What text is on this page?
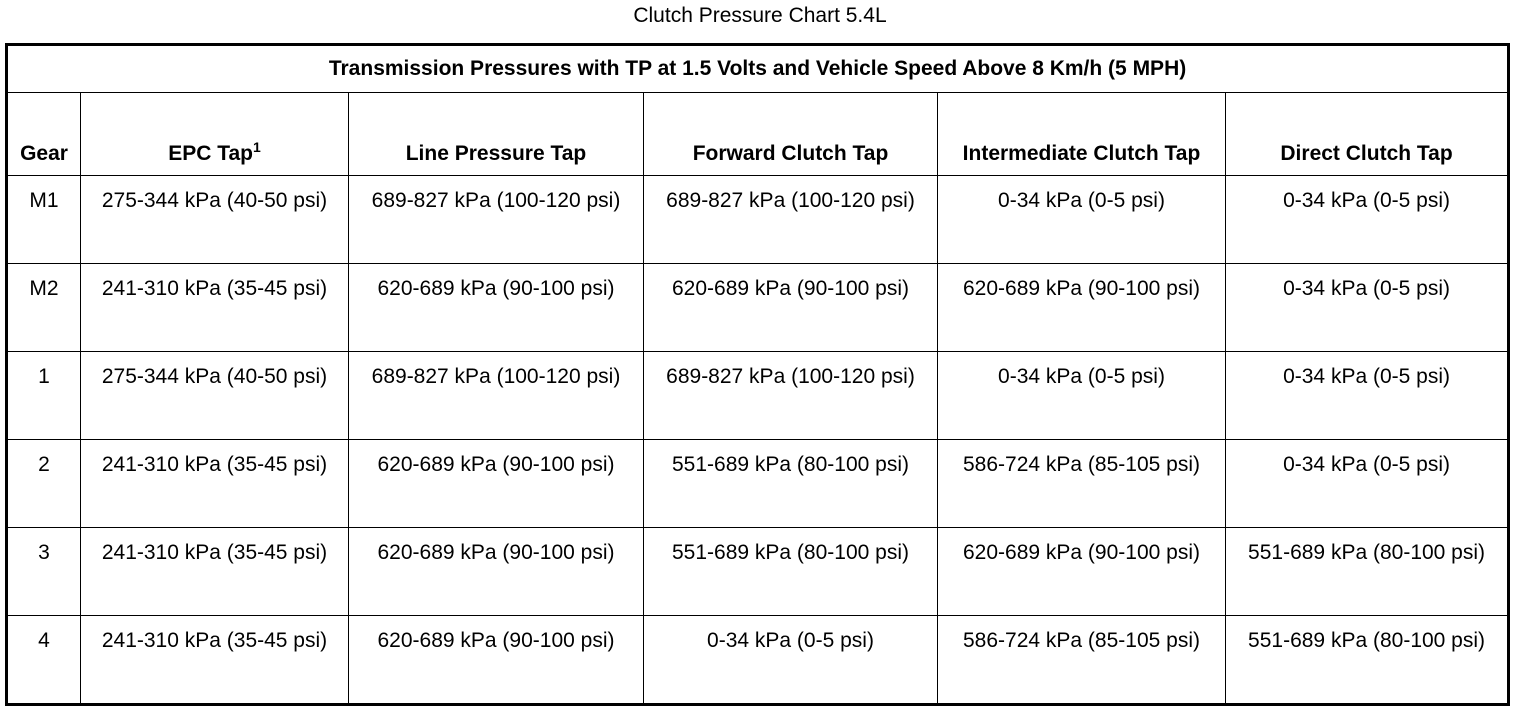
Clutch Pressure Chart 5.4L
Transmission Pressures with TP at 1.5 Volts and Vehicle Speed Above 8 Km/h (5 MPH)					
Gear	EPC Tap$^1$	Line Pressure Tap	Forward Clutch Tap	Intermediate Clutch Tap	Direct Clutch Tap
M1	275-344 kPa (40-50 psi)	689-827 kPa (100-120 psi)	689-827 kPa (100-120 psi)	0-34 kPa (0-5 psi)	0-34 kPa (0-5 psi)
M2	241-310 kPa (35-45 psi)	620-689 kPa (90-100 psi)	620-689 kPa (90-100 psi)	620-689 kPa (90-100 psi)	0-34 kPa (0-5 psi)
1	275-344 kPa (40-50 psi)	689-827 kPa (100-120 psi)	689-827 kPa (100-120 psi)	0-34 kPa (0-5 psi)	0-34 kPa (0-5 psi)
2	241-310 kPa (35-45 psi)	620-689 kPa (90-100 psi)	551-689 kPa (80-100 psi)	586-724 kPa (85-105 psi)	0-34 kPa (0-5 psi)
3	241-310 kPa (35-45 psi)	620-689 kPa (90-100 psi)	551-689 kPa (80-100 psi)	620-689 kPa (90-100 psi)	551-689 kPa (80-100 psi)
4	241-310 kPa (35-45 psi)	620-689 kPa (90-100 psi)	0-34 kPa (0-5 psi)	586-724 kPa (85-105 psi)	551-689 kPa (80-100 psi)
